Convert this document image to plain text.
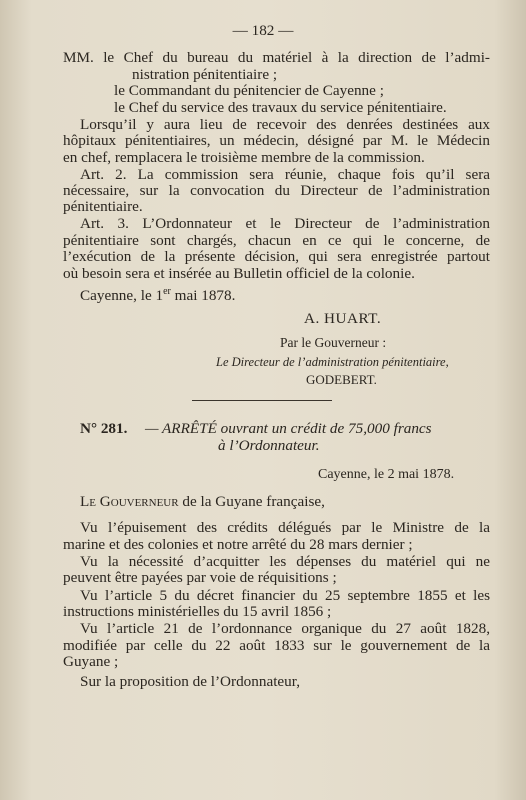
— 182 —
MM. le Chef du bureau du matériel à la direction de l’admi-
nistration pénitentiaire ;
le Commandant du pénitencier de Cayenne ;
le Chef du service des travaux du service pénitentiaire.
Lorsqu’il y aura lieu de recevoir des denrées destinées aux
hôpitaux pénitentiaires, un médecin, désigné par M. le Médecin
en chef, remplacera le troisième membre de la commission.
Art. 2. La commission sera réunie, chaque fois qu’il sera
nécessaire, sur la convocation du Directeur de l’administration
pénitentiaire.
Art. 3. L’Ordonnateur et le Directeur de l’administration
pénitentiaire sont chargés, chacun en ce qui le concerne, de
l’exécution de la présente décision, qui sera enregistrée partout
où besoin sera et insérée au Bulletin officiel de la colonie.
Cayenne, le 1er mai 1878.
A. HUART.
Par le Gouverneur :
Le Directeur de l’administration pénitentiaire,
GODEBERT.
N° 281. — ARRÊTÉ ouvrant un crédit de 75,000 francs
à l’Ordonnateur.
Cayenne, le 2 mai 1878.
Le Gouverneur de la Guyane française,
Vu l’épuisement des crédits délégués par le Ministre de la
marine et des colonies et notre arrêté du 28 mars dernier ;
Vu la nécessité d’acquitter les dépenses du matériel qui ne
peuvent être payées par voie de réquisitions ;
Vu l’article 5 du décret financier du 25 septembre 1855 et les
instructions ministérielles du 15 avril 1856 ;
Vu l’article 21 de l’ordonnance organique du 27 août 1828,
modifiée par celle du 22 août 1833 sur le gouvernement de la
Guyane ;
Sur la proposition de l’Ordonnateur,
